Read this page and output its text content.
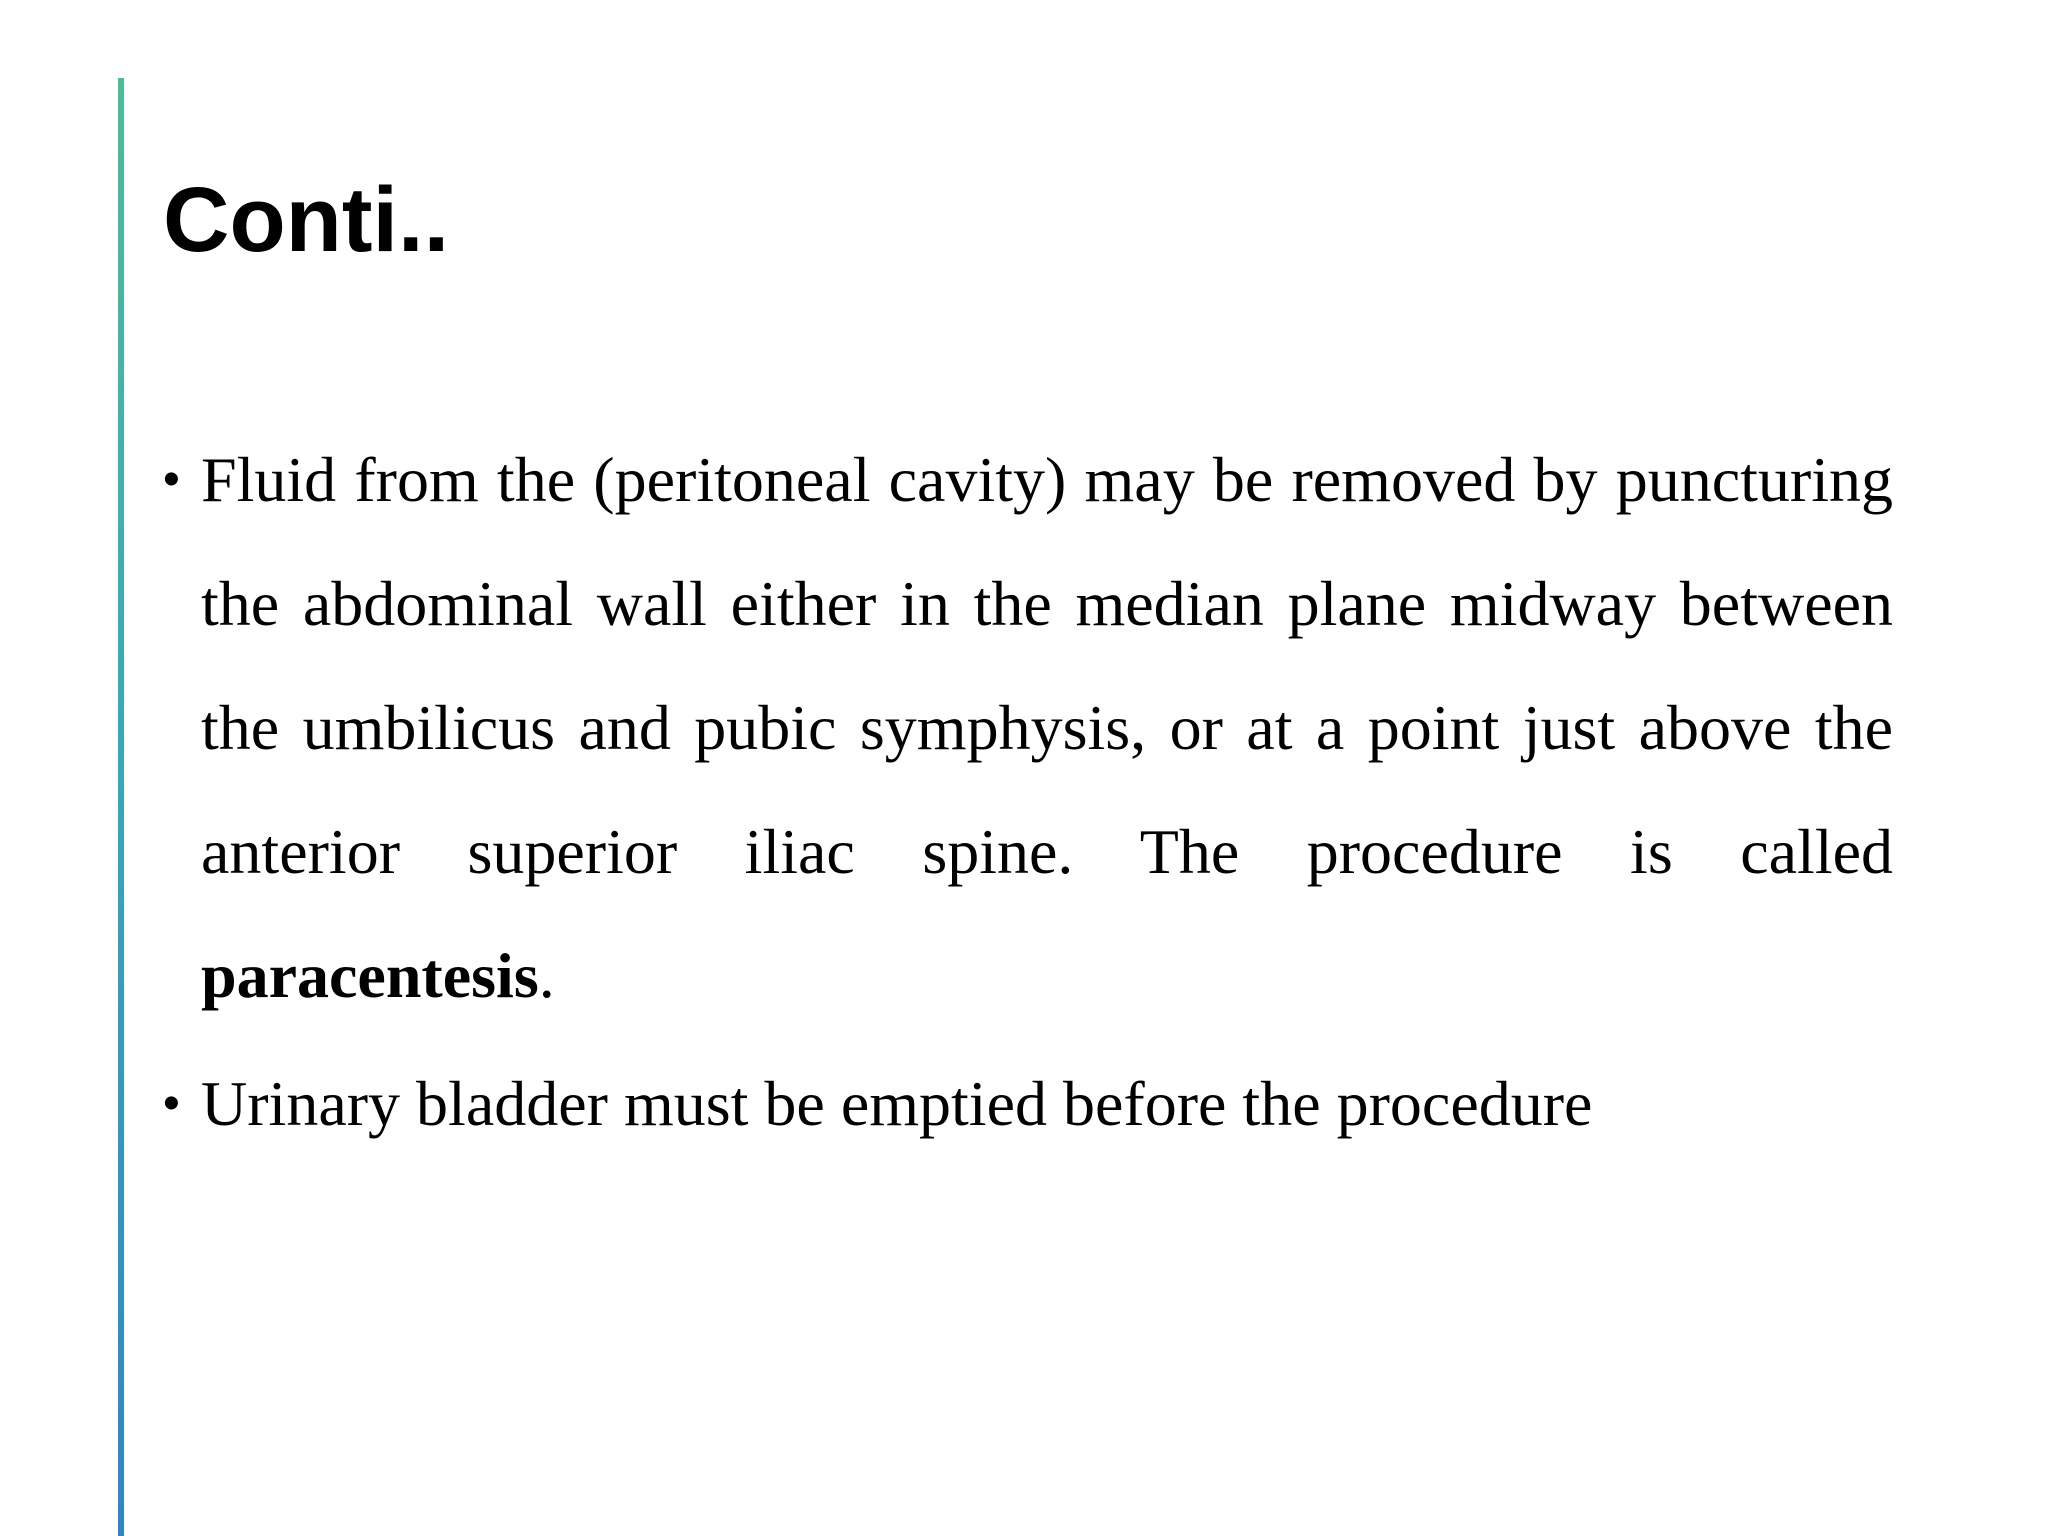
Conti..
• Fluid from the (peritoneal cavity) may be removed by puncturing the abdominal wall either in the median plane midway between the umbilicus and pubic symphysis, or at a point just above the anterior superior iliac spine. The procedure is called paracentesis.
• Urinary bladder must be emptied before the procedure
